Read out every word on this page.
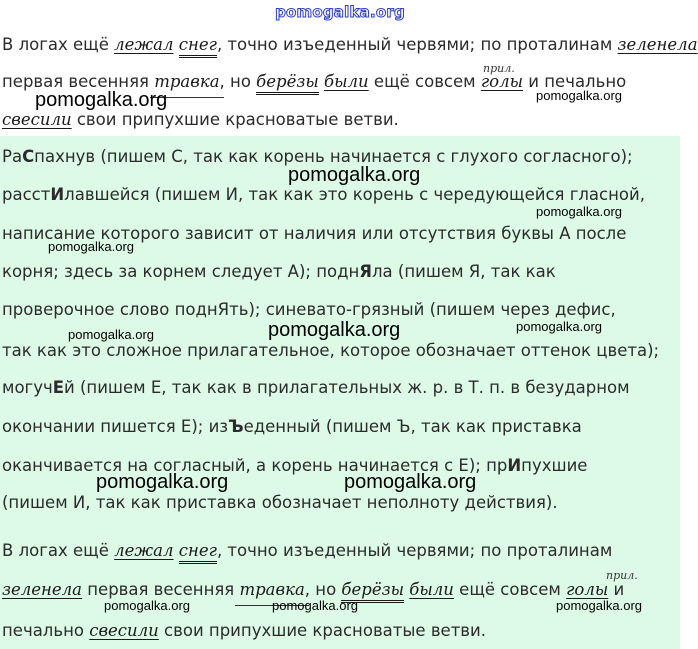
pomogalka.org
В логах ещё лежал снег, точно изъеденный червями; по проталинам зеленела
прил.
первая весенняя травка, но берёзы были ещё совсем голы и печально
свесили свои припухшие красноватые ветви.
РаСпахнув (пишем С, так как корень начинается с глухого согласного);
расстИлавшейся (пишем И, так как это корень с чередующейся гласной,
написание которого зависит от наличия или отсутствия буквы А после
корня; здесь за корнем следует А); поднЯла (пишем Я, так как
проверочное слово поднЯть); синевато-грязный (пишем через дефис,
так как это сложное прилагательное, которое обозначает оттенок цвета);
могучЕй (пишем Е, так как в прилагательных ж. р. в Т. п. в безударном
окончании пишется Е); изЪеденный (пишем Ъ, так как приставка
оканчивается на согласный, а корень начинается с Е); прИпухшие
(пишем И, так как приставка обозначает неполноту действия).
В логах ещё лежал снег, точно изъеденный червями; по проталинам
прил.
зеленела первая весенняя травка, но берёзы были ещё совсем голы и
печально свесили свои припухшие красноватые ветви.
pomogalka.org	pomogalka.org
pomogalka.org
pomogalka.org
pomogalka.org
pomogalka.org	pomogalka.org
pomogalka.org
pomogalka.org	pomogalka.org
pomogalka.org	pomogalka.org	pomogalka.org
